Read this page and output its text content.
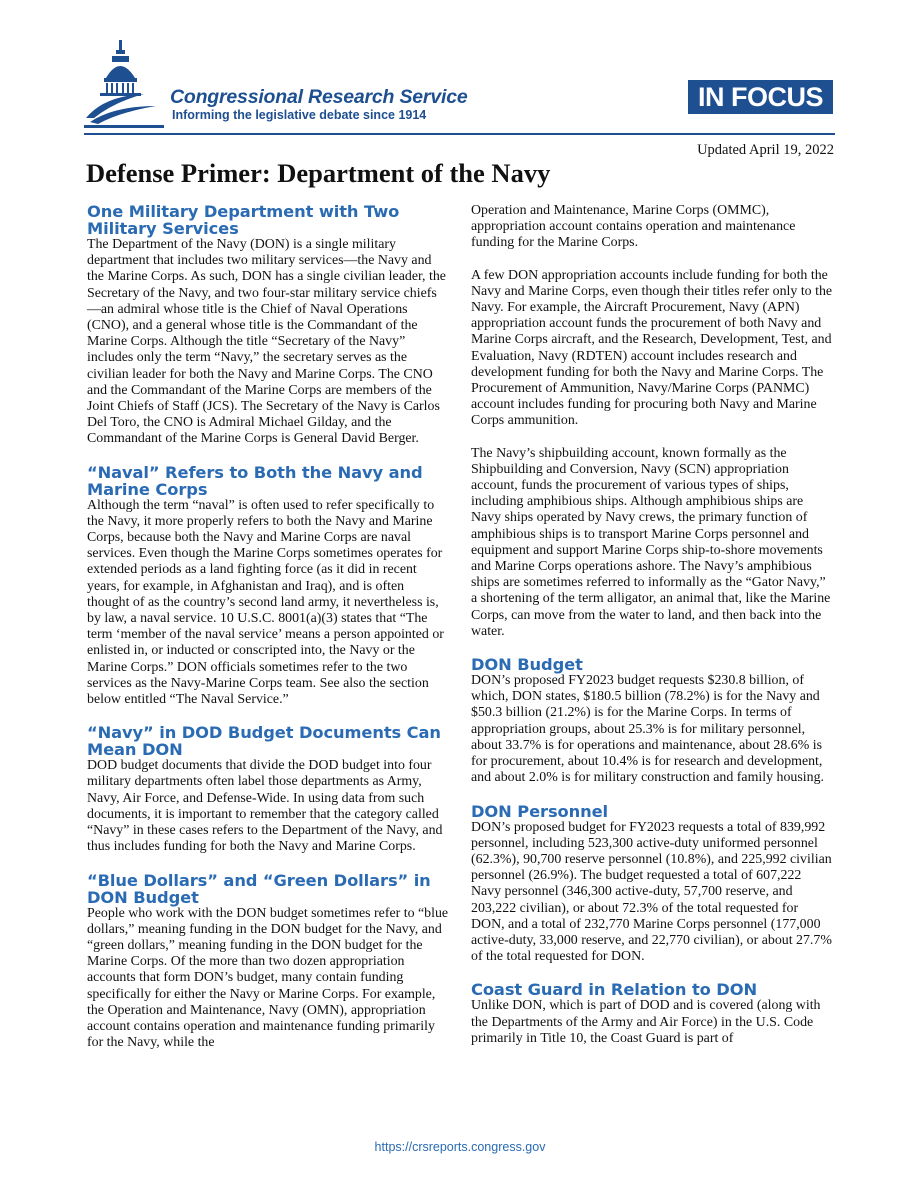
Congressional Research Service
Informing the legislative debate since 1914
IN FOCUS
Updated April 19, 2022
Defense Primer: Department of the Navy
One Military Department with Two Military Services

The Department of the Navy (DON) is a single military department that includes two military services—the Navy and the Marine Corps. As such, DON has a single civilian leader, the Secretary of the Navy, and two four-star military service chiefs—an admiral whose title is the Chief of Naval Operations (CNO), and a general whose title is the Commandant of the Marine Corps. Although the title “Secretary of the Navy” includes only the term “Navy,” the secretary serves as the civilian leader for both the Navy and Marine Corps. The CNO and the Commandant of the Marine Corps are members of the Joint Chiefs of Staff (JCS). The Secretary of the Navy is Carlos Del Toro, the CNO is Admiral Michael Gilday, and the Commandant of the Marine Corps is General David Berger.

“Naval” Refers to Both the Navy and Marine Corps

Although the term “naval” is often used to refer specifically to the Navy, it more properly refers to both the Navy and Marine Corps, because both the Navy and Marine Corps are naval services. Even though the Marine Corps sometimes operates for extended periods as a land fighting force (as it did in recent years, for example, in Afghanistan and Iraq), and is often thought of as the country’s second land army, it nevertheless is, by law, a naval service. 10 U.S.C. 8001(a)(3) states that “The term ‘member of the naval service’ means a person appointed or enlisted in, or inducted or conscripted into, the Navy or the Marine Corps.” DON officials sometimes refer to the two services as the Navy-Marine Corps team. See also the section below entitled “The Naval Service.”

“Navy” in DOD Budget Documents Can Mean DON

DOD budget documents that divide the DOD budget into four military departments often label those departments as Army, Navy, Air Force, and Defense-Wide. In using data from such documents, it is important to remember that the category called “Navy” in these cases refers to the Department of the Navy, and thus includes funding for both the Navy and Marine Corps.

“Blue Dollars” and “Green Dollars” in DON Budget

People who work with the DON budget sometimes refer to “blue dollars,” meaning funding in the DON budget for the Navy, and “green dollars,” meaning funding in the DON budget for the Marine Corps. Of the more than two dozen appropriation accounts that form DON’s budget, many contain funding specifically for either the Navy or Marine Corps. For example, the Operation and Maintenance, Navy (OMN), appropriation account contains operation and maintenance funding primarily for the Navy, while the

Operation and Maintenance, Marine Corps (OMMC), appropriation account contains operation and maintenance funding for the Marine Corps.

A few DON appropriation accounts include funding for both the Navy and Marine Corps, even though their titles refer only to the Navy. For example, the Aircraft Procurement, Navy (APN) appropriation account funds the procurement of both Navy and Marine Corps aircraft, and the Research, Development, Test, and Evaluation, Navy (RDTEN) account includes research and development funding for both the Navy and Marine Corps. The Procurement of Ammunition, Navy/Marine Corps (PANMC) account includes funding for procuring both Navy and Marine Corps ammunition.

The Navy’s shipbuilding account, known formally as the Shipbuilding and Conversion, Navy (SCN) appropriation account, funds the procurement of various types of ships, including amphibious ships. Although amphibious ships are Navy ships operated by Navy crews, the primary function of amphibious ships is to transport Marine Corps personnel and equipment and support Marine Corps ship-to-shore movements and Marine Corps operations ashore. The Navy’s amphibious ships are sometimes referred to informally as the “Gator Navy,” a shortening of the term alligator, an animal that, like the Marine Corps, can move from the water to land, and then back into the water.

DON Budget

DON’s proposed FY2023 budget requests $230.8 billion, of which, DON states, $180.5 billion (78.2%) is for the Navy and $50.3 billion (21.2%) is for the Marine Corps. In terms of appropriation groups, about 25.3% is for military personnel, about 33.7% is for operations and maintenance, about 28.6% is for procurement, about 10.4% is for research and development, and about 2.0% is for military construction and family housing.

DON Personnel

DON’s proposed budget for FY2023 requests a total of 839,992 personnel, including 523,300 active-duty uniformed personnel (62.3%), 90,700 reserve personnel (10.8%), and 225,992 civilian personnel (26.9%). The budget requested a total of 607,222 Navy personnel (346,300 active-duty, 57,700 reserve, and 203,222 civilian), or about 72.3% of the total requested for DON, and a total of 232,770 Marine Corps personnel (177,000 active-duty, 33,000 reserve, and 22,770 civilian), or about 27.7% of the total requested for DON.

Coast Guard in Relation to DON

Unlike DON, which is part of DOD and is covered (along with the Departments of the Army and Air Force) in the U.S. Code primarily in Title 10, the Coast Guard is part of

https://crsreports.congress.gov
